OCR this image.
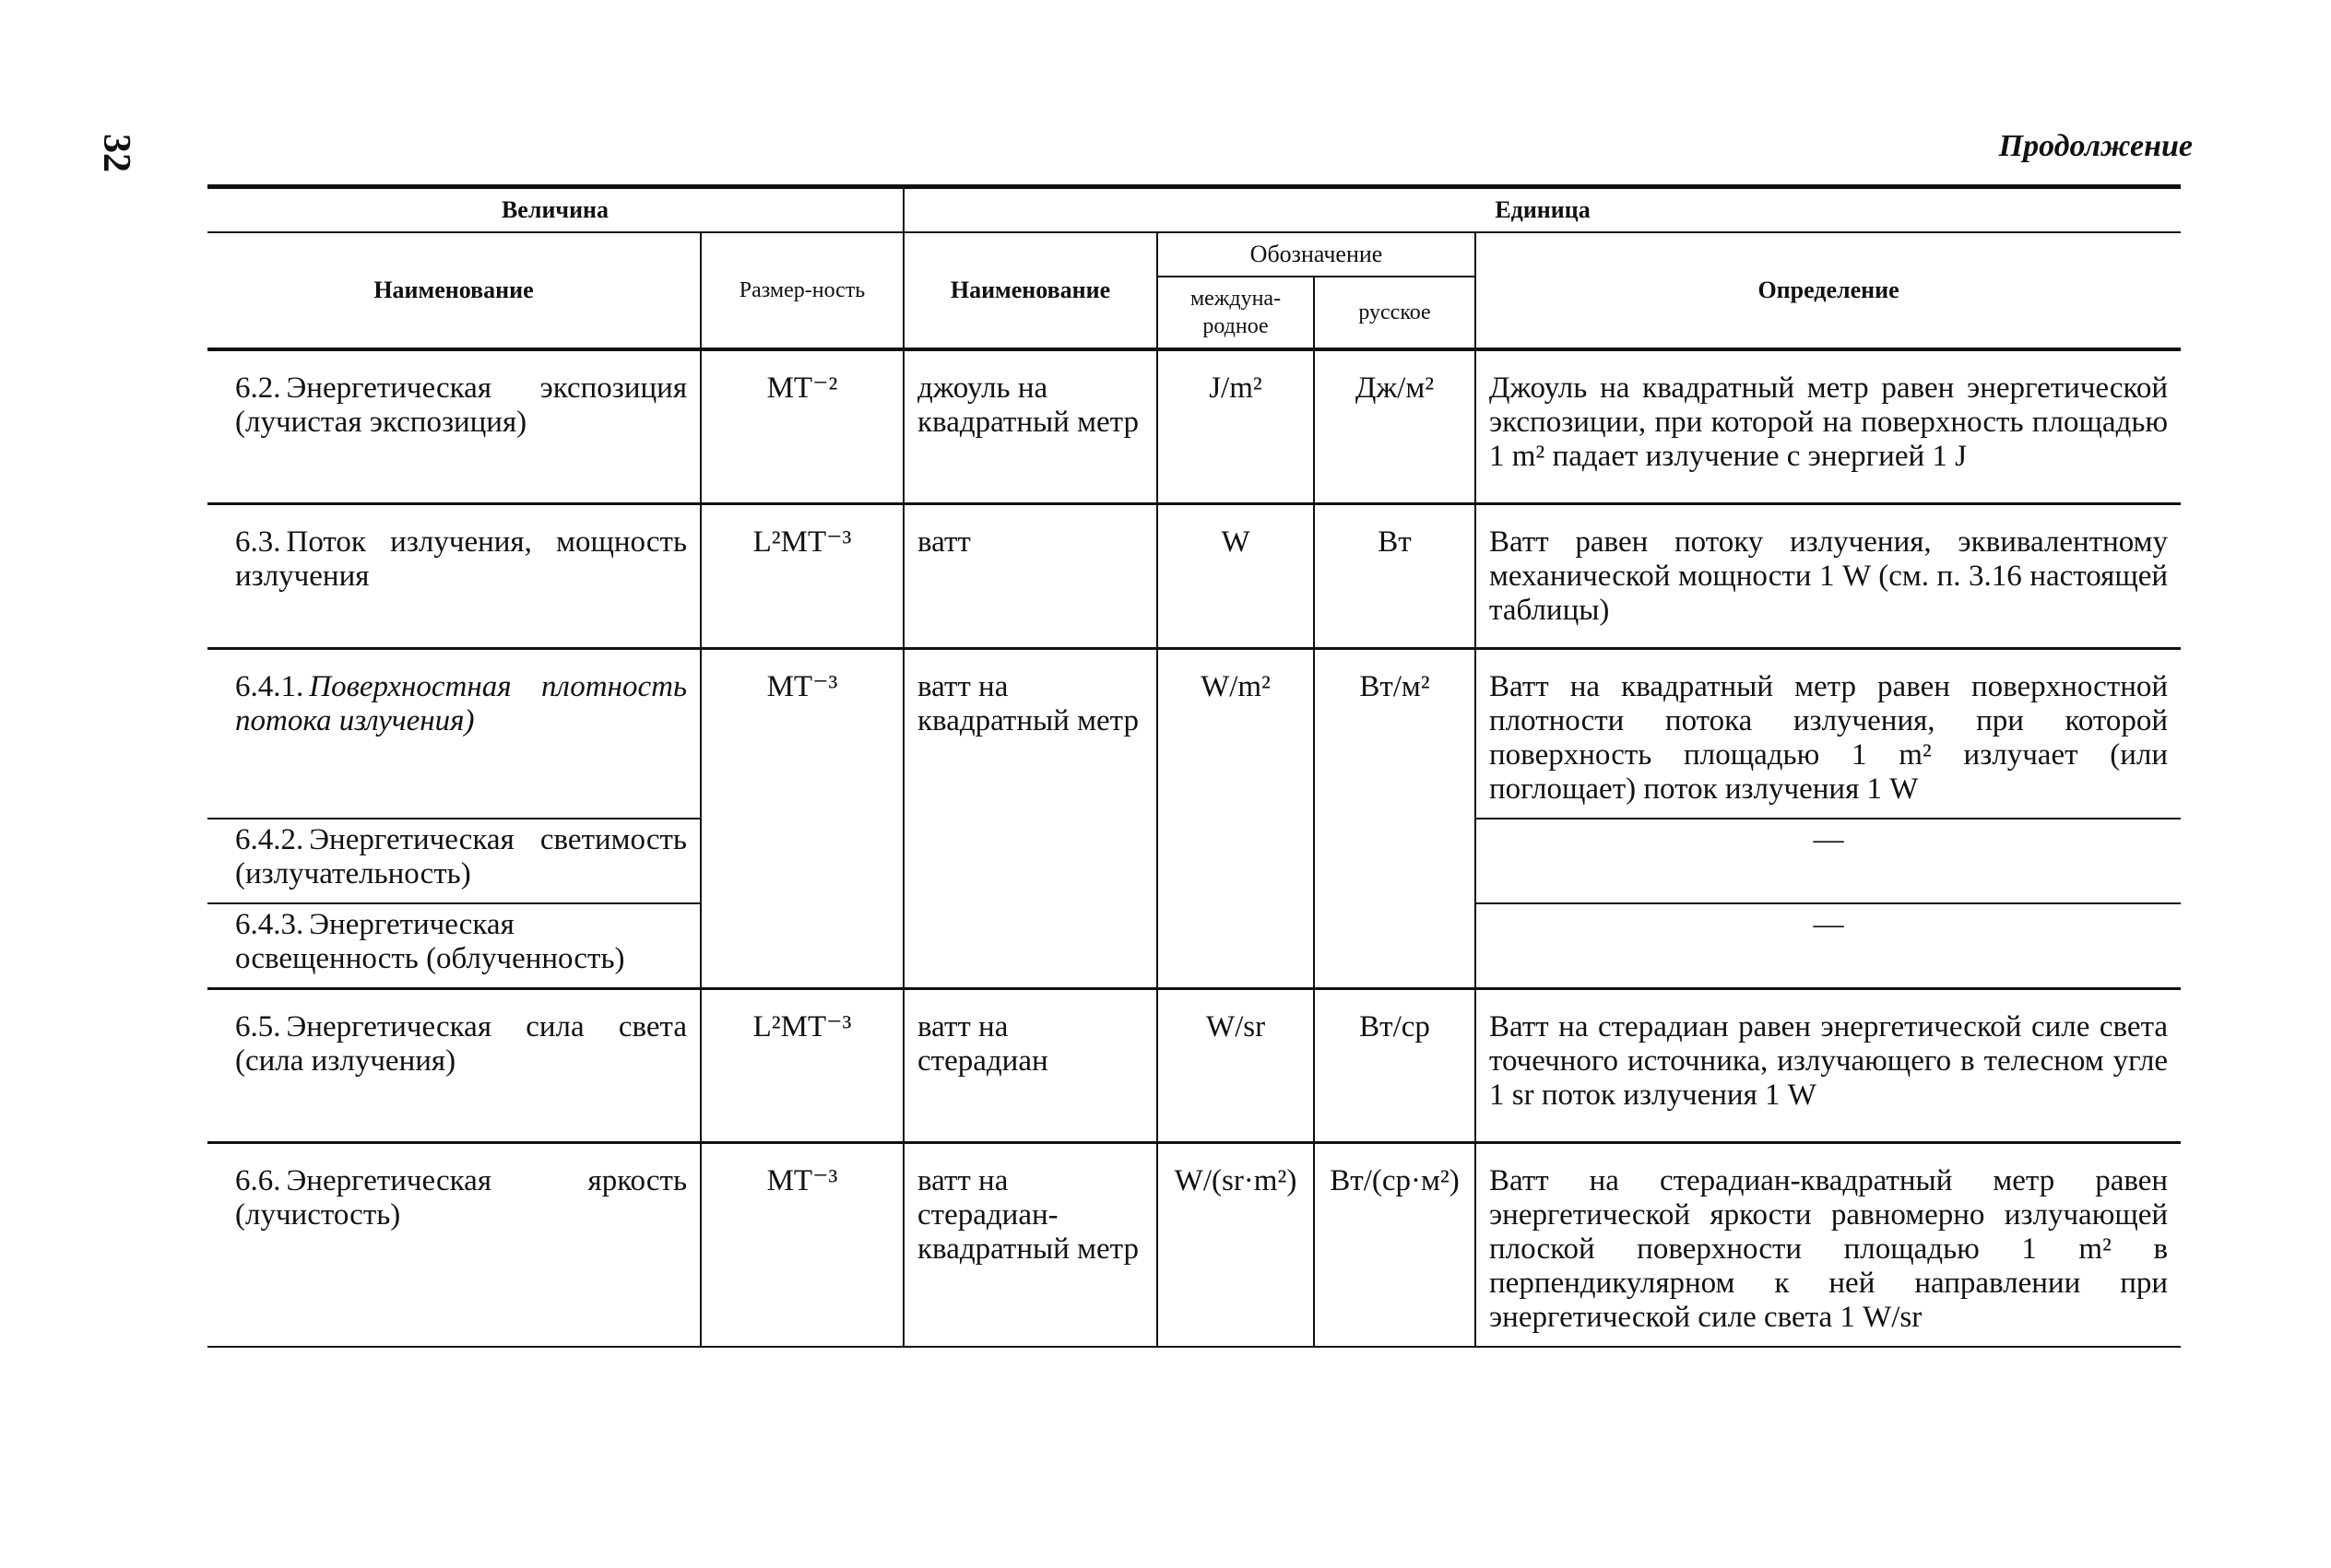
32	Продолжение
Величина		Единица			
Наименование	Размер-ность	Наименование	Обозначение		Определение
			междуна-родное	русское	
6.2. Энергетическая экспозиция (лучистая экспозиция)	MT⁻²	джоуль на квадратный метр	J/m²	Дж/м²	Джоуль на квадратный метр равен энергетической экспозиции, при которой на поверхность площадью 1 m² падает излучение с энергией 1 J
6.3. Поток излучения, мощность излучения	L²MT⁻³	ватт	W	Вт	Ватт равен потоку излучения, эквивалентному механической мощности 1 W (см. п. 3.16 настоящей таблицы)
6.4.1. Поверхностная плотность потока излучения)	MT⁻³	ватт на квадратный метр	W/m²	Вт/м²	Ватт на квадратный метр равен поверхностной плотности потока излучения, при которой поверхность площадью 1 m² излучает (или поглощает) поток излучения 1 W
6.4.2. Энергетическая светимость (излучательность)					—
6.4.3. Энергетическая освещенность (облученность)					—
6.5. Энергетическая сила света (сила излучения)	L²MT⁻³	ватт на стерадиан	W/sr	Вт/ср	Ватт на стерадиан равен энергетической силе света точечного источника, излучающего в телесном угле 1 sr поток излучения 1 W
6.6. Энергетическая яркость (лучистость)	MT⁻³	ватт на стерадиан-квадратный метр	W/(sr·m²)	Вт/(ср·м²)	Ватт на стерадиан-квадратный метр равен энергетической яркости равномерно излучающей плоской поверхности площадью 1 m² в перпендикулярном к ней направлении при энергетической силе света 1 W/sr
